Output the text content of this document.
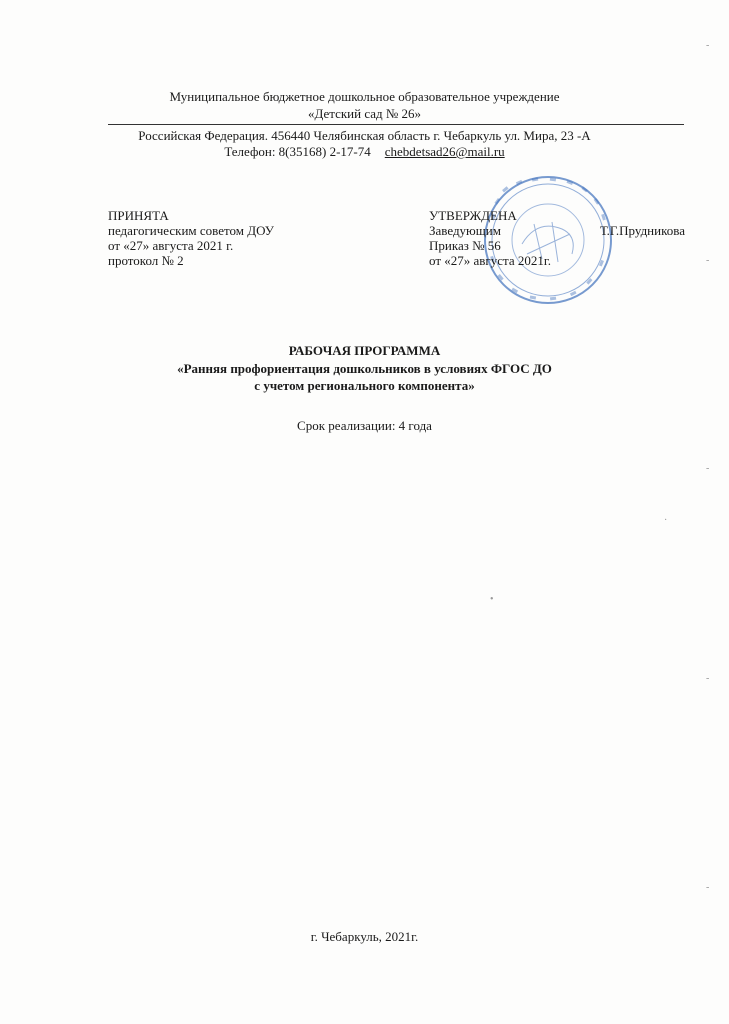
Муниципальное бюджетное дошкольное образовательное учреждение
«Детский сад № 26»
Российская Федерация. 456440 Челябинская область г. Чебаркуль ул. Мира, 23 -А
Телефон: 8(35168) 2-17-74 chebdetsad26@mail.ru
ПРИНЯТА
педагогическим советом ДОУ
от «27» августа 2021 г.
протокол № 2
УТВЕРЖДЕНА
Заведующим	Т.Г.Прудникова
Приказ № 56
от «27» августа 2021г.
РАБОЧАЯ ПРОГРАММА
«Ранняя профориентация дошкольников в условиях ФГОС ДО
с учетом регионального компонента»
Срок реализации: 4 года
г. Чебаркуль, 2021г.
-
-
-
·
•
-
-
